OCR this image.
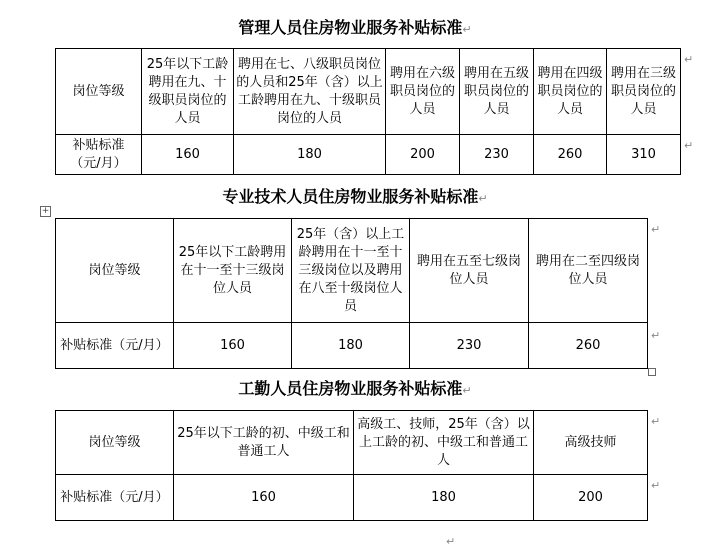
管理人员住房物业服务补贴标准↵
岗位等级	25年以下工龄聘用在九、十级职员岗位的人员	聘用在七、八级职员岗位的人员和25年（含）以上工龄聘用在九、十级职员岗位的人员	聘用在六级职员岗位的人员	聘用在五级职员岗位的人员	聘用在四级职员岗位的人员	聘用在三级职员岗位的人员
补贴标准（元/月）	160	180	200	230	260	310
↵
↵
专业技术人员住房物业服务补贴标准↵
+
岗位等级	25年以下工龄聘用在十一至十三级岗位人员	25年（含）以上工龄聘用在十一至十三级岗位以及聘用在八至十级岗位人员	聘用在五至七级岗位人员	聘用在二至四级岗位人员
补贴标准（元/月）	160	180	230	260
↵
↵
工勤人员住房物业服务补贴标准↵
岗位等级	25年以下工龄的初、中级工和普通工人	高级工、技师，25年（含）以上工龄的初、中级工和普通工人	高级技师
补贴标准（元/月）	160	180	200
↵
↵
↵
